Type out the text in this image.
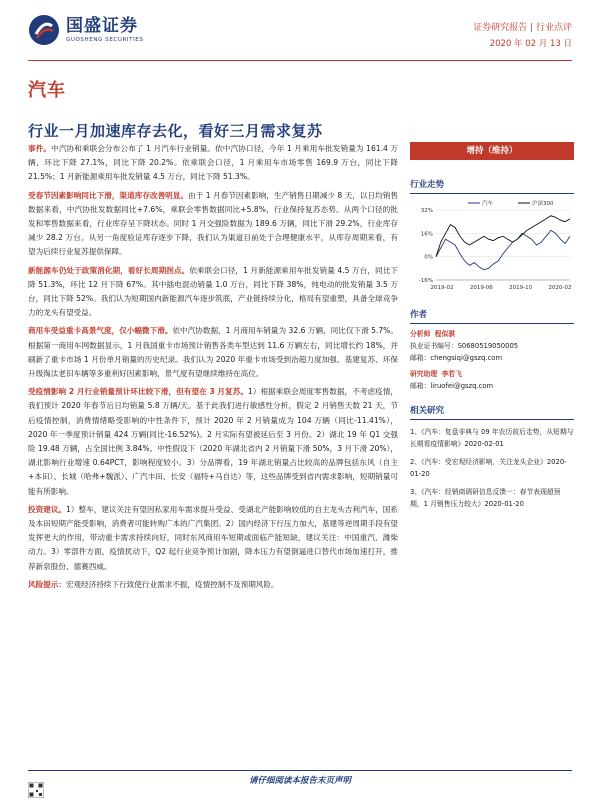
国盛证券
GUOSHENG SECURITIES
证券研究报告 | 行业点评
2020 年 02 月 13 日
汽车
行业一月加速库存去化，看好三月需求复苏

事件。中汽协和乘联会分布公布了 1 月汽车行业销量。依中汽协口径，今年 1 月乘用车批发销量为 161.4 万辆，环比下降 27.1%，同比下降 20.2%。依乘联会口径，1 月乘用车市场零售 169.9 万台，同比下降 21.5%；1 月新能源乘用车批发销量 4.5 万台，同比下降 51.3%。

受春节因素影响同比下滑，渠道库存改善明显。由于 1 月春节因素影响，生产销售日期减少 8 天，以日均销售数据来看，中汽协批发数据同比+7.6%，乘联会零售数据同比+5.8%，行业保持复苏态势。从两个口径的批发和零售数据来看，行业库存呈下降状态。同时 1 月交强险数据为 189.6 万辆，同比下滑 29.2%，行业库存减少 28.2 万台。从另一角度验证库存逐步下降，我们认为渠道目前处于合理健康水平，从库存周期来看，有望为后续行业复苏提供保障。

新能源车仍处于政策消化期，看好长周期拐点。依乘联会口径，1 月新能源乘用车批发销量 4.5 万台，同比下降 51.3%，环比 12 月下降 67%。其中插电混动销量 1.0 万台，同比下降 38%，纯电动的批发销量 3.5 万台，同比下降 52%。我们认为短期国内新能源汽车逐步筑底，产业链持续分化，格局有望重塑，具备全球竞争力的龙头有望受益。

商用车受益重卡高景气度，仅小幅微下滑。依中汽协数据，1 月商用车销量为 32.6 万辆，同比仅下滑 5.7%。根据第一商用车网数据显示，1 月我国重卡市场预计销售各类车型达到 11.6 万辆左右，同比增长约 18%，并刷新了重卡市场 1 月份单月销量的历史纪录。我们认为 2020 年重卡市场受到治超力度加强、基建复苏、环保升级淘汰老旧车辆等多重利好因素影响，景气度有望继续维持在高位。

受疫情影响 2 月行业销量预计环比较下滑，但有望在 3 月复苏。1）根据乘联会周度零售数据，不考虑疫情，我们预计 2020 年春节后日均销量 5.8 万辆/天。基于此我们进行敏感性分析，假定 2 月销售天数 21 天，节后疫情控制，消费情绪略受影响的中性条件下，预计 2020 年 2 月销量成为 104 万辆（同比-11.41%），2020 年一季度预计销量 424 万辆(同比-16.52%)。2 月实际有望被延后至 3 月份。2）湖北 19 年 Q1 交强险 19.48 万辆，占全国比例 3.84%。中性假设下（2020 年湖北省内 2 月销量下滑 50%，3 月下滑 20%），湖北影响行业增速 0.64PCT，影响程度较小。3）分品牌看，19 年湖北销量占比较高的品牌包括东风（自主+本田）、长城（哈弗+魏派）、广汽丰田、长安（福特+马自达）等，这些品牌受到省内需求影响，短期销量可能有所影响。

投资建议。1）整车，建议关注有望因私家用车需求提升受益、受湖北产能影响较低的自主龙头吉利汽车，国系及本田短期产能受影响，消费者可能转购广本的广汽集团。2）国内经济下行压力加大，基建等逆周期手段有望发挥更大的作用，带动重卡需求持续向好，同时东风商用车短期或面临产能短缺，建议关注：中国重汽、潍柴动力。3）零部件方面，疫情扰动下，Q2 起行业竞争预计加剧，降本压力有望倒逼进口替代市场加速打开，推荐新泉股份、德赛西威。

风险提示：宏观经济持续下行致使行业需求不振，疫情控制不及预期风险。

增持（维持）
行业走势
32%
16%
0%
-16%
2019-02	2019-06	2019-10	2020-02
汽车	沪深300
作者
分析师 程似骐
执业证书编号：S0680519050005
邮箱：chengsiqi@gszq.com
研究助理 李若飞
邮箱：liruofei@gszq.com
相关研究
1、《汽车：复盘非典与 09 年农历前后走势，从短期与长期看疫情影响》2020-02-01
2、《汽车：受宏观经济影响，关注龙头企业》2020-01-20
3、《汽车：经销商调研信息反馈一：春节表现超预期，1 月销售压力较大》2020-01-20
请仔细阅读本报告末页声明
